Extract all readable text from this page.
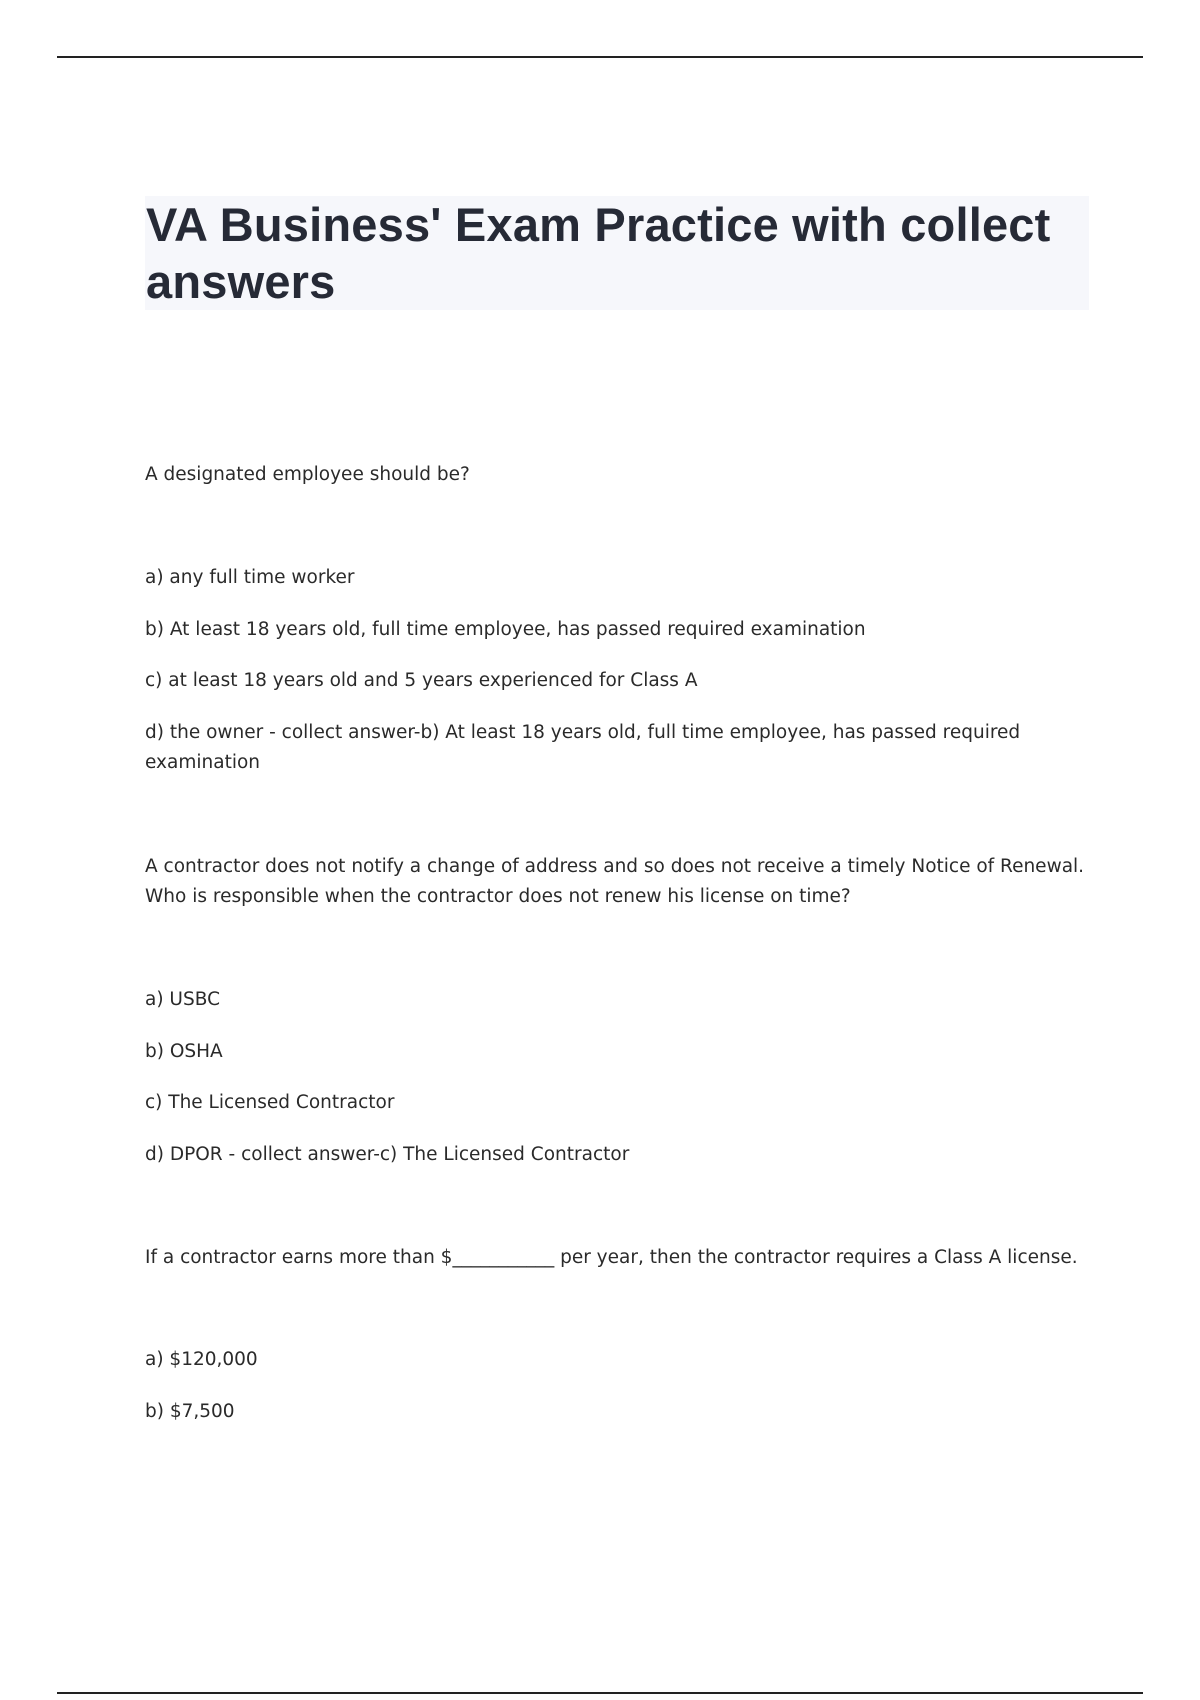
VA Business' Exam Practice with collect answers

A designated employee should be?

a) any full time worker

b) At least 18 years old, full time employee, has passed required examination

c) at least 18 years old and 5 years experienced for Class A

d) the owner - collect answer-b) At least 18 years old, full time employee, has passed required examination

A contractor does not notify a change of address and so does not receive a timely Notice of Renewal. Who is responsible when the contractor does not renew his license on time?

a) USBC

b) OSHA

c) The Licensed Contractor

d) DPOR - collect answer-c) The Licensed Contractor

If a contractor earns more than $___________ per year, then the contractor requires a Class A license.

a) $120,000

b) $7,500
